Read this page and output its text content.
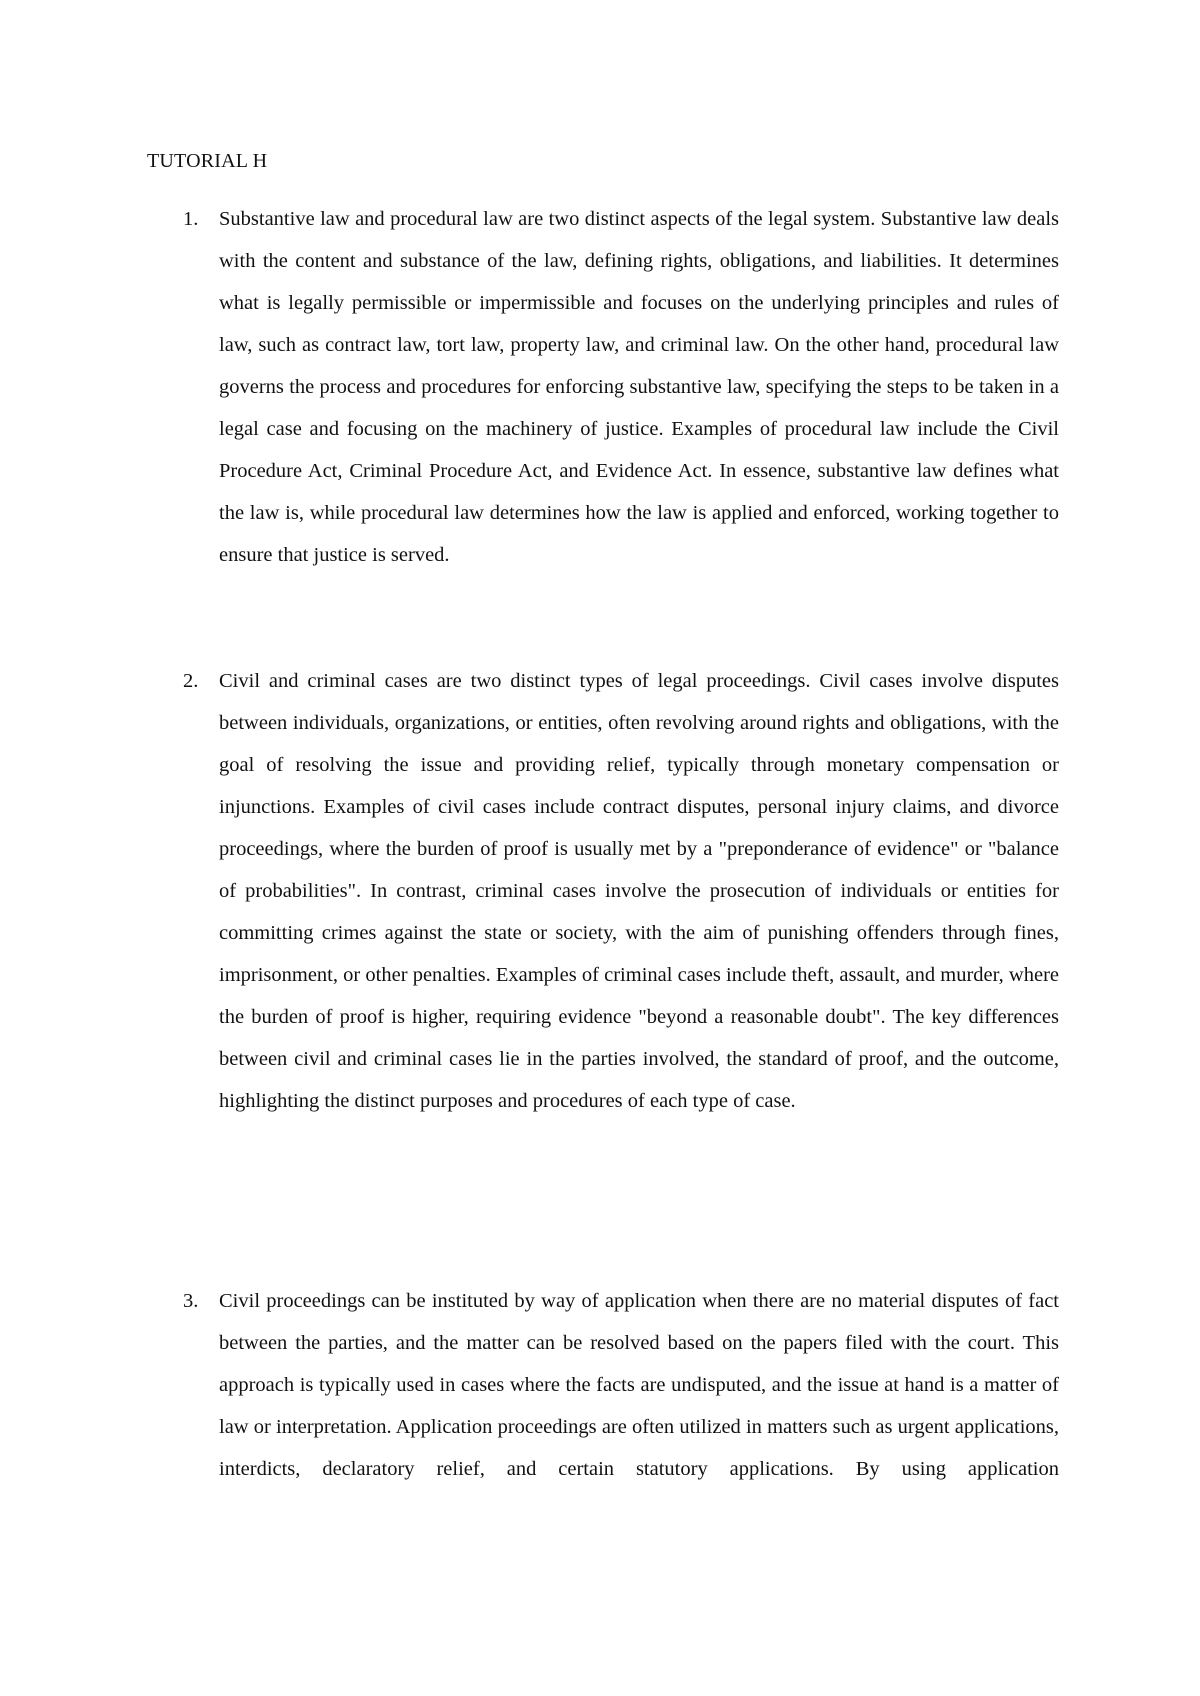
TUTORIAL H
1.	Substantive law and procedural law are two distinct aspects of the legal system. Substantive law deals with the content and substance of the law, defining rights, obligations, and liabilities. It determines what is legally permissible or impermissible and focuses on the underlying principles and rules of law, such as contract law, tort law, property law, and criminal law. On the other hand, procedural law governs the process and procedures for enforcing substantive law, specifying the steps to be taken in a legal case and focusing on the machinery of justice. Examples of procedural law include the Civil Procedure Act, Criminal Procedure Act, and Evidence Act. In essence, substantive law defines what the law is, while procedural law determines how the law is applied and enforced, working together to ensure that justice is served.

2.	Civil and criminal cases are two distinct types of legal proceedings. Civil cases involve disputes between individuals, organizations, or entities, often revolving around rights and obligations, with the goal of resolving the issue and providing relief, typically through monetary compensation or injunctions. Examples of civil cases include contract disputes, personal injury claims, and divorce proceedings, where the burden of proof is usually met by a "preponderance of evidence" or "balance of probabilities". In contrast, criminal cases involve the prosecution of individuals or entities for committing crimes against the state or society, with the aim of punishing offenders through fines, imprisonment, or other penalties. Examples of criminal cases include theft, assault, and murder, where the burden of proof is higher, requiring evidence "beyond a reasonable doubt". The key differences between civil and criminal cases lie in the parties involved, the standard of proof, and the outcome, highlighting the distinct purposes and procedures of each type of case.

3.	Civil proceedings can be instituted by way of application when there are no material disputes of fact between the parties, and the matter can be resolved based on the papers filed with the court. This approach is typically used in cases where the facts are undisputed, and the issue at hand is a matter of law or interpretation. Application proceedings are often utilized in matters such as urgent applications, interdicts, declaratory relief, and certain statutory applications. By using application
